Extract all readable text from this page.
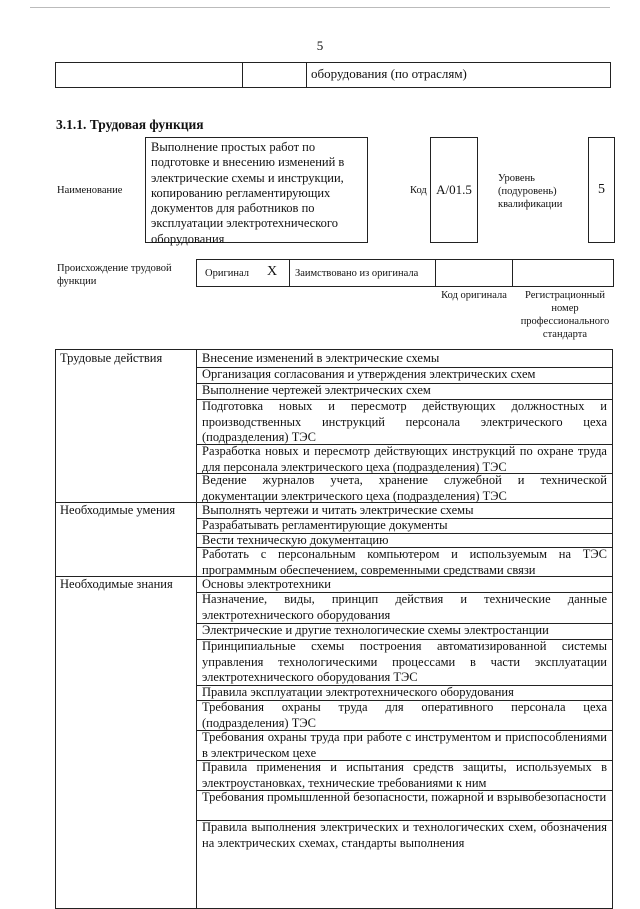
5
оборудования (по отраслям)
3.1.1. Трудовая функция
Наименование
Выполнение простых работ по подготовке и внесению изменений в электрические схемы и инструкции, копированию регламентирующих документов для работников по эксплуатации электротехнического оборудования
Код A/01.5
Уровень (подуровень) квалификации
5
Происхождение трудовой функции
Оригинал X Заимствовано из оригинала
Код оригинала	Регистрационный номер профессионального стандарта
Трудовые действия
Необходимые умения
Необходимые знания
Внесение изменений в электрические схемы
Организация согласования и утверждения электрических схем
Выполнение чертежей электрических схем
Подготовка новых и пересмотр действующих должностных и производственных инструкций персонала электрического цеха (подразделения) ТЭС
Разработка новых и пересмотр действующих инструкций по охране труда для персонала электрического цеха (подразделения) ТЭС
Ведение журналов учета, хранение служебной и технической документации электрического цеха (подразделения) ТЭС
Выполнять чертежи и читать электрические схемы
Разрабатывать регламентирующие документы
Вести техническую документацию
Работать с персональным компьютером и используемым на ТЭС программным обеспечением, современными средствами связи
Основы электротехники
Назначение, виды, принцип действия и технические данные электротехнического оборудования
Электрические и другие технологические схемы электростанции
Принципиальные схемы построения автоматизированной системы управления технологическими процессами в части эксплуатации электротехнического оборудования ТЭС
Правила эксплуатации электротехнического оборудования
Требования охраны труда для оперативного персонала цеха (подразделения) ТЭС
Требования охраны труда при работе с инструментом и приспособлениями в электрическом цехе
Правила применения и испытания средств защиты, используемых в электроустановках, технические требованиями к ним
Требования промышленной безопасности, пожарной и взрывобезопасности
Правила выполнения электрических и технологических схем, обозначения на электрических схемах, стандарты выполнения
